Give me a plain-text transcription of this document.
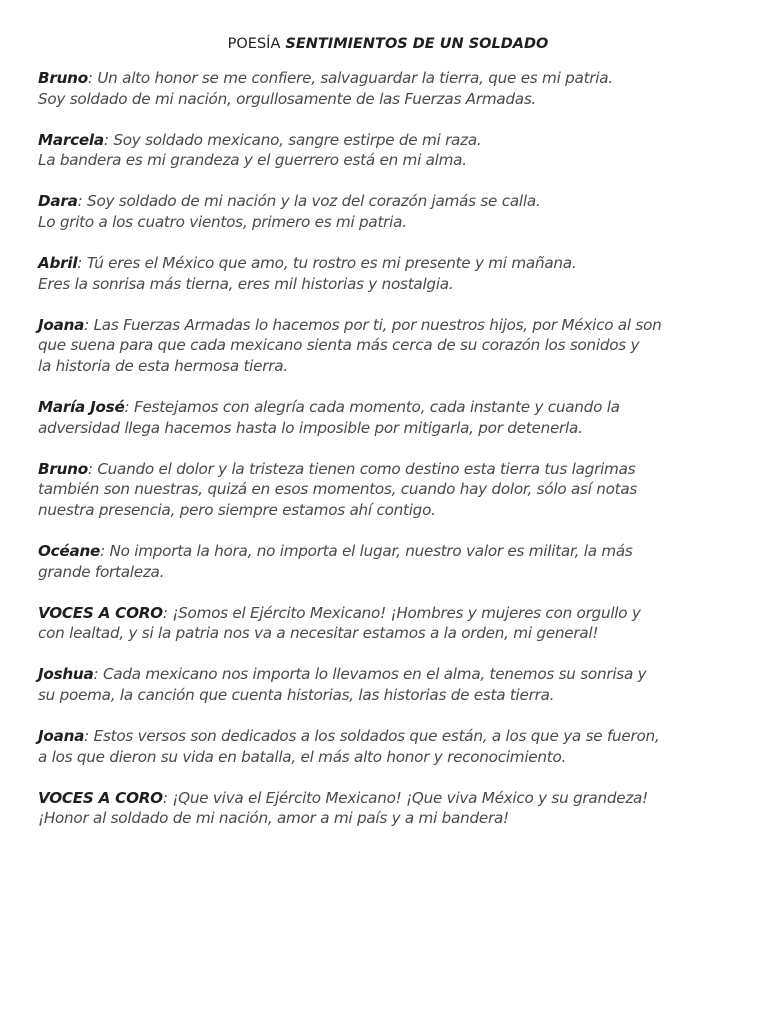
POESÍA SENTIMIENTOS DE UN SOLDADO
Bruno: Un alto honor se me confiere, salvaguardar la tierra, que es mi patria.
Soy soldado de mi nación, orgullosamente de las Fuerzas Armadas.
Marcela: Soy soldado mexicano, sangre estirpe de mi raza.
La bandera es mi grandeza y el guerrero está en mi alma.
Dara: Soy soldado de mi nación y la voz del corazón jamás se calla.
Lo grito a los cuatro vientos, primero es mi patria.
Abril: Tú eres el México que amo, tu rostro es mi presente y mi mañana.
Eres la sonrisa más tierna, eres mil historias y nostalgia.
Joana: Las Fuerzas Armadas lo hacemos por ti, por nuestros hijos, por México al son
que suena para que cada mexicano sienta más cerca de su corazón los sonidos y
la historia de esta hermosa tierra.
María José: Festejamos con alegría cada momento, cada instante y cuando la
adversidad llega hacemos hasta lo imposible por mitigarla, por detenerla.
Bruno: Cuando el dolor y la tristeza tienen como destino esta tierra tus lagrimas
también son nuestras, quizá en esos momentos, cuando hay dolor, sólo así notas
nuestra presencia, pero siempre estamos ahí contigo.
Océane: No importa la hora, no importa el lugar, nuestro valor es militar, la más
grande fortaleza.
VOCES A CORO: ¡Somos el Ejército Mexicano! ¡Hombres y mujeres con orgullo y
con lealtad, y si la patria nos va a necesitar estamos a la orden, mi general!
Joshua: Cada mexicano nos importa lo llevamos en el alma, tenemos su sonrisa y
su poema, la canción que cuenta historias, las historias de esta tierra.
Joana: Estos versos son dedicados a los soldados que están, a los que ya se fueron,
a los que dieron su vida en batalla, el más alto honor y reconocimiento.
VOCES A CORO: ¡Que viva el Ejército Mexicano! ¡Que viva México y su grandeza!
¡Honor al soldado de mi nación, amor a mi país y a mi bandera!
